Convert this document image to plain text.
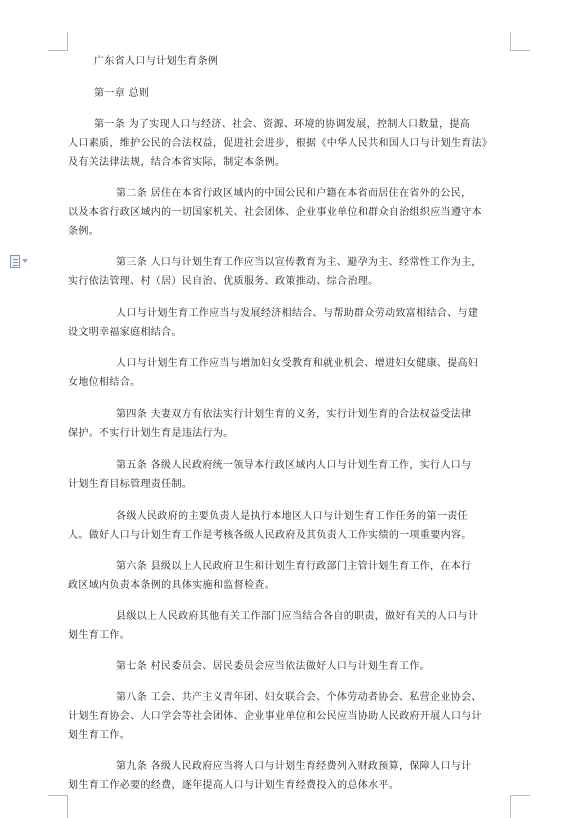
广东省人口与计划生育条例
第一章 总则
第一条 为了实现人口与经济、社会、资源、环境的协调发展，控制人口数量，提高
人口素质，维护公民的合法权益，促进社会进步，根据《中华人民共和国人口与计划生育法》
及有关法律法规，结合本省实际，制定本条例。
第二条 居住在本省行政区域内的中国公民和户籍在本省而居住在省外的公民，
以及本省行政区域内的一切国家机关、社会团体、企业事业单位和群众自治组织应当遵守本
条例。
第三条 人口与计划生育工作应当以宣传教育为主、避孕为主、经常性工作为主，
实行依法管理、村（居）民自治、优质服务、政策推动、综合治理。
人口与计划生育工作应当与发展经济相结合、与帮助群众劳动致富相结合、与建
设文明幸福家庭相结合。
人口与计划生育工作应当与增加妇女受教育和就业机会、增进妇女健康、提高妇
女地位相结合。
第四条 夫妻双方有依法实行计划生育的义务，实行计划生育的合法权益受法律
保护。不实行计划生育是违法行为。
第五条 各级人民政府统一领导本行政区域内人口与计划生育工作，实行人口与
计划生育目标管理责任制。
各级人民政府的主要负责人是执行本地区人口与计划生育工作任务的第一责任
人。做好人口与计划生育工作是考核各级人民政府及其负责人工作实绩的一项重要内容。
第六条 县级以上人民政府卫生和计划生育行政部门主管计划生育工作，在本行
政区域内负责本条例的具体实施和监督检查。
县级以上人民政府其他有关工作部门应当结合各自的职责，做好有关的人口与计
划生育工作。
第七条 村民委员会、居民委员会应当依法做好人口与计划生育工作。
第八条 工会、共产主义青年团、妇女联合会、个体劳动者协会、私营企业协会、
计划生育协会、人口学会等社会团体、企业事业单位和公民应当协助人民政府开展人口与计
划生育工作。
第九条 各级人民政府应当将人口与计划生育经费列入财政预算，保障人口与计
划生育工作必要的经费，逐年提高人口与计划生育经费投入的总体水平。
